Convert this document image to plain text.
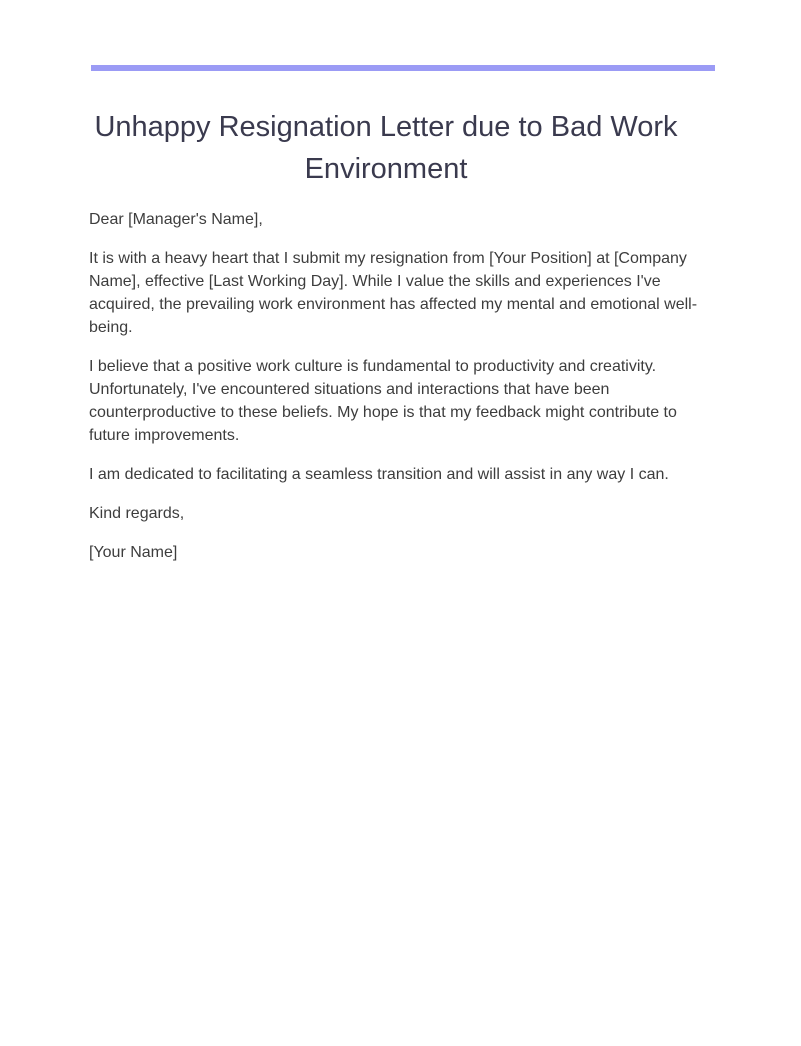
Unhappy Resignation Letter due to Bad Work Environment

Dear [Manager's Name],

It is with a heavy heart that I submit my resignation from [Your Position] at [Company Name], effective [Last Working Day]. While I value the skills and experiences I've acquired, the prevailing work environment has affected my mental and emotional well-being.

I believe that a positive work culture is fundamental to productivity and creativity. Unfortunately, I've encountered situations and interactions that have been counterproductive to these beliefs. My hope is that my feedback might contribute to future improvements.

I am dedicated to facilitating a seamless transition and will assist in any way I can.

Kind regards,

[Your Name]
